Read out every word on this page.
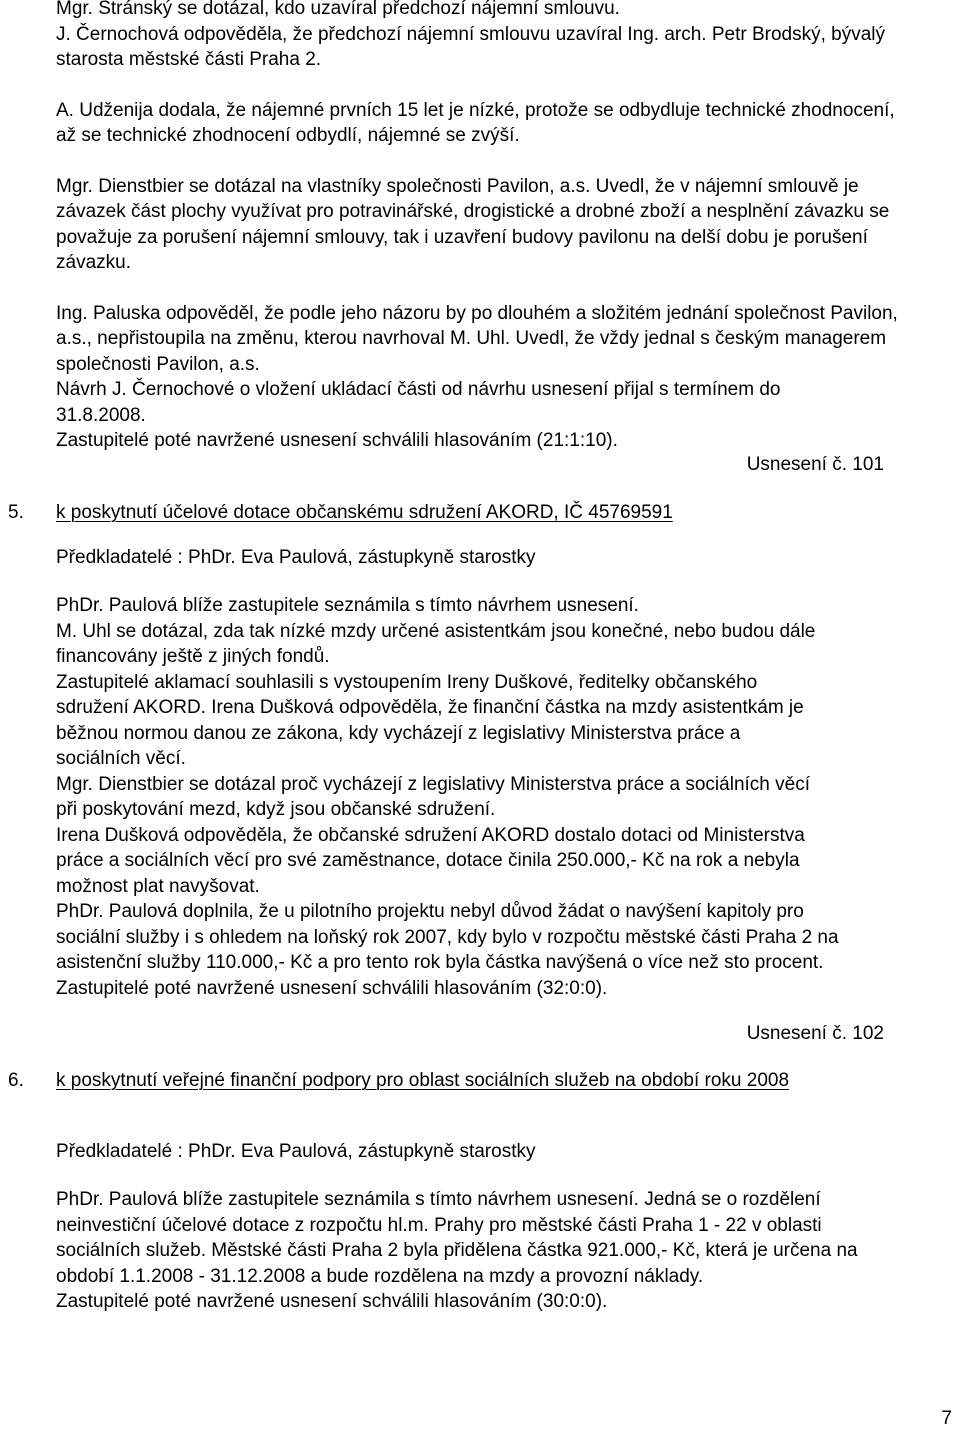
Mgr. Stránský se dotázal, kdo uzavíral předchozí nájemní smlouvu.

J. Černochová odpověděla, že předchozí nájemní smlouvu uzavíral Ing. arch. Petr Brodský, bývalý starosta městské části Praha 2.

A. Udženija dodala, že nájemné prvních 15 let je nízké, protože se odbydluje technické zhodnocení, až se technické zhodnocení odbydlí, nájemné se zvýší.

Mgr. Dienstbier se dotázal na vlastníky společnosti Pavilon, a.s. Uvedl, že v nájemní smlouvě je závazek část plochy využívat pro potravinářské, drogistické a drobné zboží a nesplnění závazku se považuje za porušení nájemní smlouvy, tak i uzavření budovy pavilonu na delší dobu je porušení závazku.

Ing. Paluska odpověděl, že podle jeho názoru by po dlouhém a složitém jednání společnost Pavilon, a.s., nepřistoupila na změnu, kterou navrhoval M. Uhl. Uvedl, že vždy jednal s českým managerem společnosti Pavilon, a.s.

Návrh J. Černochové o vložení ukládací části od návrhu usnesení přijal s termínem do 31.8.2008.

Zastupitelé poté navržené usnesení schválili hlasováním (21:1:10).

Usnesení č. 101
5. k poskytnutí účelové dotace občanskému sdružení AKORD, IČ 45769591

Předkladatelé : PhDr. Eva Paulová, zástupkyně starostky

PhDr. Paulová blíže zastupitele seznámila s tímto návrhem usnesení.

M. Uhl se dotázal, zda tak nízké mzdy určené asistentkám jsou konečné, nebo budou dále financovány ještě z jiných fondů.

Zastupitelé aklamací souhlasili s vystoupením Ireny Duškové, ředitelky občanského sdružení AKORD. Irena Dušková odpověděla, že finanční částka na mzdy asistentkám je běžnou normou danou ze zákona, kdy vycházejí z legislativy Ministerstva práce a sociálních věcí.

Mgr. Dienstbier se dotázal proč vycházejí z legislativy Ministerstva práce a sociálních věcí při poskytování mezd, když jsou občanské sdružení.

Irena Dušková odpověděla, že občanské sdružení AKORD dostalo dotaci od Ministerstva práce a sociálních věcí pro své zaměstnance, dotace činila 250.000,- Kč na rok a nebyla možnost plat navyšovat.

PhDr. Paulová doplnila, že u pilotního projektu nebyl důvod žádat o navýšení kapitoly pro sociální služby i s ohledem na loňský rok 2007, kdy bylo v rozpočtu městské části Praha 2 na asistenční služby 110.000,- Kč a pro tento rok byla částka navýšená o více než sto procent.

Zastupitelé poté navržené usnesení schválili hlasováním (32:0:0).

Usnesení č. 102
6. k poskytnutí veřejné finanční podpory pro oblast sociálních služeb na období roku 2008

Předkladatelé : PhDr. Eva Paulová, zástupkyně starostky

PhDr. Paulová blíže zastupitele seznámila s tímto návrhem usnesení. Jedná se o rozdělení neinvestiční účelové dotace z rozpočtu hl.m. Prahy pro městské části Praha 1 - 22 v oblasti sociálních služeb. Městské části Praha 2 byla přidělena částka 921.000,- Kč, která je určena na období 1.1.2008 - 31.12.2008 a bude rozdělena na mzdy a provozní náklady.

Zastupitelé poté navržené usnesení schválili hlasováním (30:0:0).

7
